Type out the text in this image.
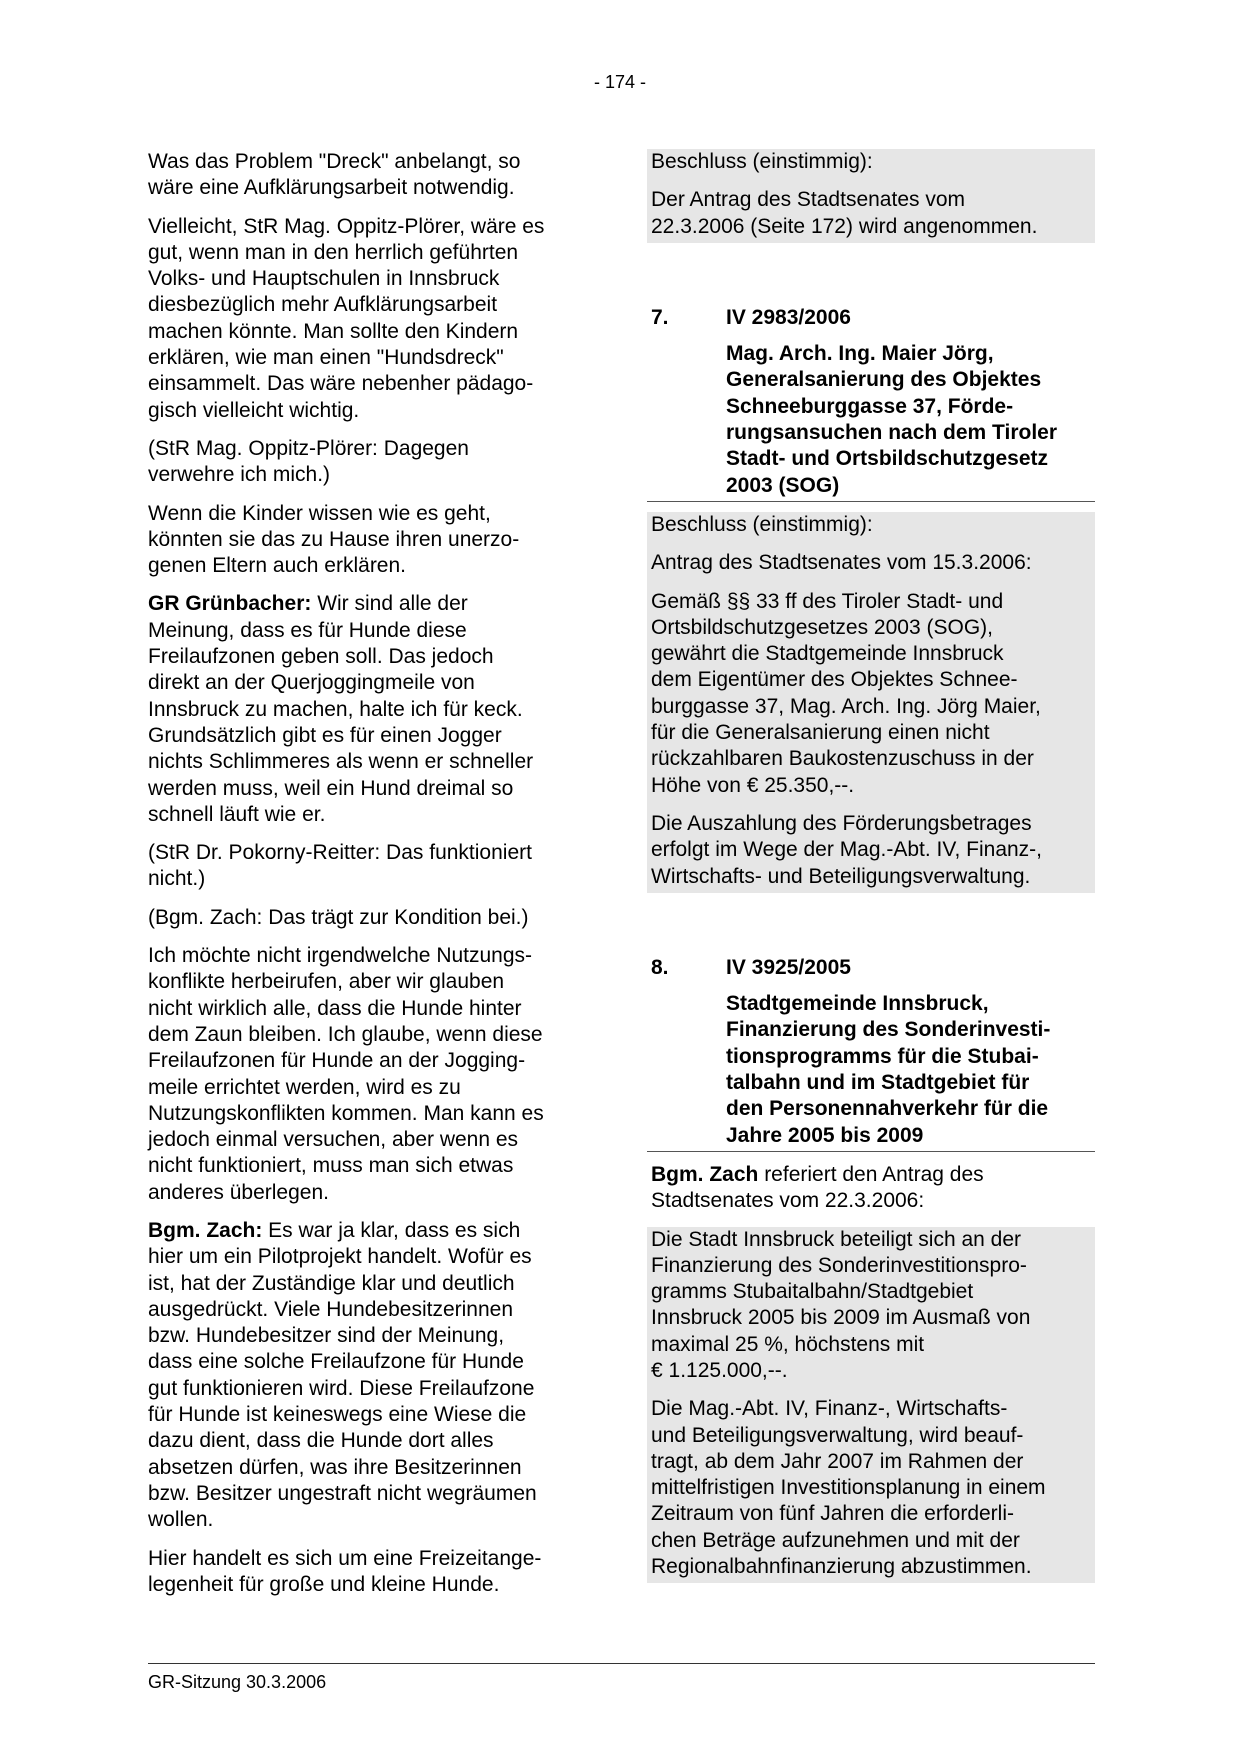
- 174 -

Was das Problem "Dreck" anbelangt, so
wäre eine Aufklärungsarbeit notwendig.

Vielleicht, StR Mag. Oppitz-Plörer, wäre es
gut, wenn man in den herrlich geführten
Volks- und Hauptschulen in Innsbruck
diesbezüglich mehr Aufklärungsarbeit
machen könnte. Man sollte den Kindern
erklären, wie man einen "Hundsdreck"
einsammelt. Das wäre nebenher pädago-
gisch vielleicht wichtig.

(StR Mag. Oppitz-Plörer: Dagegen
verwehre ich mich.)

Wenn die Kinder wissen wie es geht,
könnten sie das zu Hause ihren unerzo-
genen Eltern auch erklären.

GR Grünbacher: Wir sind alle der
Meinung, dass es für Hunde diese
Freilaufzonen geben soll. Das jedoch
direkt an der Querjoggingmeile von
Innsbruck zu machen, halte ich für keck.
Grundsätzlich gibt es für einen Jogger
nichts Schlimmeres als wenn er schneller
werden muss, weil ein Hund dreimal so
schnell läuft wie er.

(StR Dr. Pokorny-Reitter: Das funktioniert
nicht.)

(Bgm. Zach: Das trägt zur Kondition bei.)

Ich möchte nicht irgendwelche Nutzungs-
konflikte herbeirufen, aber wir glauben
nicht wirklich alle, dass die Hunde hinter
dem Zaun bleiben. Ich glaube, wenn diese
Freilaufzonen für Hunde an der Jogging-
meile errichtet werden, wird es zu
Nutzungskonflikten kommen. Man kann es
jedoch einmal versuchen, aber wenn es
nicht funktioniert, muss man sich etwas
anderes überlegen.

Bgm. Zach: Es war ja klar, dass es sich
hier um ein Pilotprojekt handelt. Wofür es
ist, hat der Zuständige klar und deutlich
ausgedrückt. Viele Hundebesitzerinnen
bzw. Hundebesitzer sind der Meinung,
dass eine solche Freilaufzone für Hunde
gut funktionieren wird. Diese Freilaufzone
für Hunde ist keineswegs eine Wiese die
dazu dient, dass die Hunde dort alles
absetzen dürfen, was ihre Besitzerinnen
bzw. Besitzer ungestraft nicht wegräumen
wollen.

Hier handelt es sich um eine Freizeitange-
legenheit für große und kleine Hunde.

Beschluss (einstimmig):

Der Antrag des Stadtsenates vom
22.3.2006 (Seite 172) wird angenommen.

7.	IV 2983/2006
Mag. Arch. Ing. Maier Jörg,
Generalsanierung des Objektes
Schneeburggasse 37, Förde-
rungsansuchen nach dem Tiroler
Stadt- und Ortsbildschutzgesetz
2003 (SOG)

Beschluss (einstimmig):

Antrag des Stadtsenates vom 15.3.2006:

Gemäß §§ 33 ff des Tiroler Stadt- und
Ortsbildschutzgesetzes 2003 (SOG),
gewährt die Stadtgemeinde Innsbruck
dem Eigentümer des Objektes Schnee-
burggasse 37, Mag. Arch. Ing. Jörg Maier,
für die Generalsanierung einen nicht
rückzahlbaren Baukostenzuschuss in der
Höhe von € 25.350,--.

Die Auszahlung des Förderungsbetrages
erfolgt im Wege der Mag.-Abt. IV, Finanz-,
Wirtschafts- und Beteiligungsverwaltung.

8.	IV 3925/2005
Stadtgemeinde Innsbruck,
Finanzierung des Sonderinvesti-
tionsprogramms für die Stubai-
talbahn und im Stadtgebiet für
den Personennahverkehr für die
Jahre 2005 bis 2009

Bgm. Zach referiert den Antrag des
Stadtsenates vom 22.3.2006:

Die Stadt Innsbruck beteiligt sich an der
Finanzierung des Sonderinvestitionspro-
gramms Stubaitalbahn/Stadtgebiet
Innsbruck 2005 bis 2009 im Ausmaß von
maximal 25 %, höchstens mit
€ 1.125.000,--.

Die Mag.-Abt. IV, Finanz-, Wirtschafts-
und Beteiligungsverwaltung, wird beauf-
tragt, ab dem Jahr 2007 im Rahmen der
mittelfristigen Investitionsplanung in einem
Zeitraum von fünf Jahren die erforderli-
chen Beträge aufzunehmen und mit der
Regionalbahnfinanzierung abzustimmen.

GR-Sitzung 30.3.2006
